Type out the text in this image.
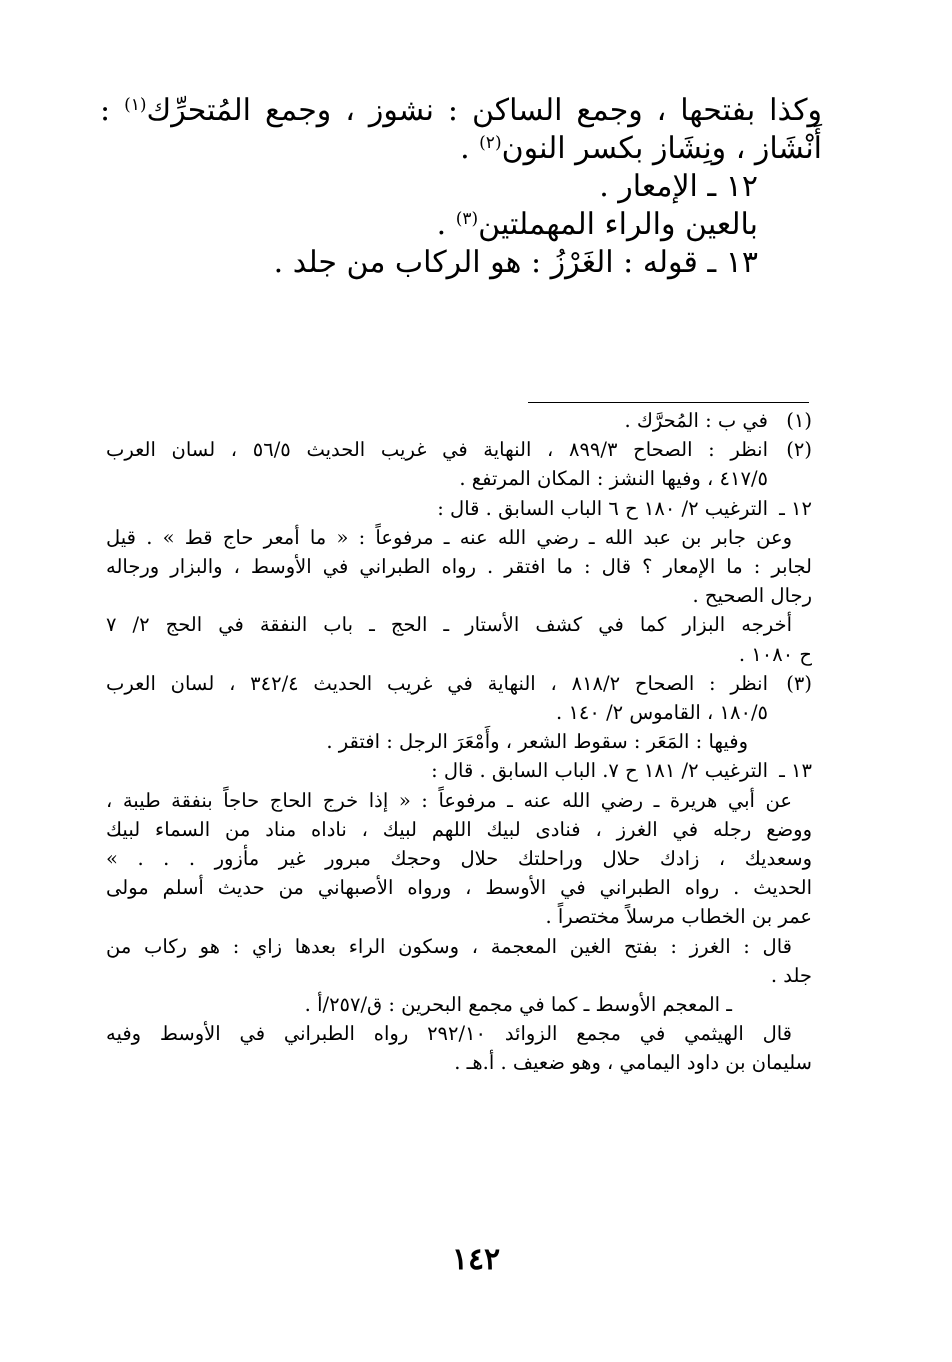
وكذا بفتحها ، وجمع الساكن : نشوز ، وجمع المُتحرِّك$^{(١)}$ :
أَنْشَاز ، ونِشَاز بكسر النون$^{(٢)}$ .
١٢ ـ الإمعار .
بالعين والراء المهملتين$^{(٣)}$ .
١٣ ـ قوله : الغَرْزُ : هو الركاب من جلد .
(١)
في ب : المُحرَّك .
(٢)
انظر : الصحاح ٨٩٩/٣ ، النهاية في غريب الحديث ٥٦/٥ ، لسان العرب
٤١٧/٥ ، وفيها النشز : المكان المرتفع .
١٢ ـ
الترغيب ٢/ ١٨٠ ح ٦ الباب السابق . قال :
وعن جابر بن عبد الله ـ رضي الله عنه ـ مرفوعاً : « ما أمعر حاج قط » . قيل
لجابر : ما الإمعار ؟ قال : ما افتقر . رواه الطبراني في الأوسط ، والبزار ورجاله
رجال الصحيح .
أخرجه البزار كما في كشف الأستار ـ الحج ـ باب النفقة في الحج ٢/ ٧
ح ١٠٨٠ .
(٣)
انظر : الصحاح ٨١٨/٢ ، النهاية في غريب الحديث ٣٤٢/٤ ، لسان العرب
١٨٠/٥ ، القاموس ٢/ ١٤٠ .
وفيها : المَعَر : سقوط الشعر ، وأَمْعَرَ الرجل : افتقر .
١٣ ـ
الترغيب ٢/ ١٨١ ح ٧. الباب السابق . قال :
عن أبي هريرة ـ رضي الله عنه ـ مرفوعاً : « إذا خرج الحاج حاجاً بنفقة طيبة ،
ووضع رجله في الغرز ، فنادى لبيك اللهم لبيك ، ناداه مناد من السماء لبيك
وسعديك ، زادك حلال وراحلتك حلال وحجك مبرور غير مأزور . . . »
الحديث . رواه الطبراني في الأوسط ، ورواه الأصبهاني من حديث أسلم مولى
عمر بن الخطاب مرسلاً مختصراً .
قال : الغرز : بفتح الغين المعجمة ، وسكون الراء بعدها زاي : هو ركاب من
جلد .
ـ المعجم الأوسط ـ كما في مجمع البحرين : ق/٢٥٧/أ .
قال الهيثمي في مجمع الزوائد ٢٩٢/١٠ رواه الطبراني في الأوسط وفيه
سليمان بن داود اليمامي ، وهو ضعيف . أ.هـ .
١٤٢
